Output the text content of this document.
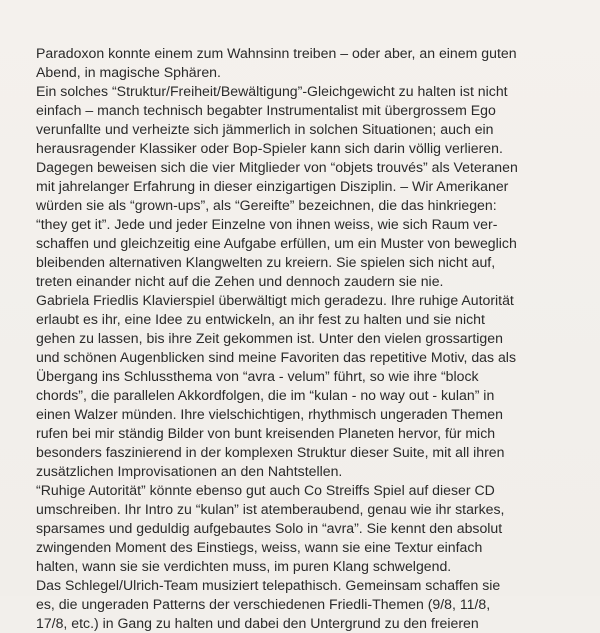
Paradoxon konnte einem zum Wahnsinn treiben – oder aber, an einem guten
Abend, in magische Sphären.
Ein solches “Struktur/Freiheit/Bewältigung”-Gleichgewicht zu halten ist nicht
einfach – manch technisch begabter Instrumentalist mit übergrossem Ego
verunfallte und verheizte sich jämmerlich in solchen Situationen; auch ein
herausragender Klassiker oder Bop-Spieler kann sich darin völlig verlieren.
Dagegen beweisen sich die vier Mitglieder von “objets trouvés” als Veteranen
mit jahrelanger Erfahrung in dieser einzigartigen Disziplin. – Wir Amerikaner
würden sie als “grown-ups”, als “Gereifte” bezeichnen, die das hinkriegen:
“they get it”. Jede und jeder Einzelne von ihnen weiss, wie sich Raum ver-
schaffen und gleichzeitig eine Aufgabe erfüllen, um ein Muster von beweglich
bleibenden alternativen Klangwelten zu kreiern. Sie spielen sich nicht auf,
treten einander nicht auf die Zehen und dennoch zaudern sie nie.
Gabriela Friedlis Klavierspiel überwältigt mich geradezu. Ihre ruhige Autorität
erlaubt es ihr, eine Idee zu entwickeln, an ihr fest zu halten und sie nicht
gehen zu lassen, bis ihre Zeit gekommen ist. Unter den vielen grossartigen
und schönen Augenblicken sind meine Favoriten das repetitive Motiv, das als
Übergang ins Schlussthema von “avra - velum” führt, so wie ihre “block
chords”, die parallelen Akkordfolgen, die im “kulan - no way out - kulan” in
einen Walzer münden. Ihre vielschichtigen, rhythmisch ungeraden Themen
rufen bei mir ständig Bilder von bunt kreisenden Planeten hervor, für mich
besonders faszinierend in der komplexen Struktur dieser Suite, mit all ihren
zusätzlichen Improvisationen an den Nahtstellen.
“Ruhige Autorität” könnte ebenso gut auch Co Streiffs Spiel auf dieser CD
umschreiben. Ihr Intro zu “kulan” ist atemberaubend, genau wie ihr starkes,
sparsames und geduldig aufgebautes Solo in “avra”. Sie kennt den absolut
zwingenden Moment des Einstiegs, weiss, wann sie eine Textur einfach
halten, wann sie sie verdichten muss, im puren Klang schwelgend.
Das Schlegel/Ulrich-Team musiziert telepathisch. Gemeinsam schaffen sie
es, die ungeraden Patterns der verschiedenen Friedli-Themen (9/8, 11/8,
17/8, etc.) in Gang zu halten und dabei den Untergrund zu den freieren
